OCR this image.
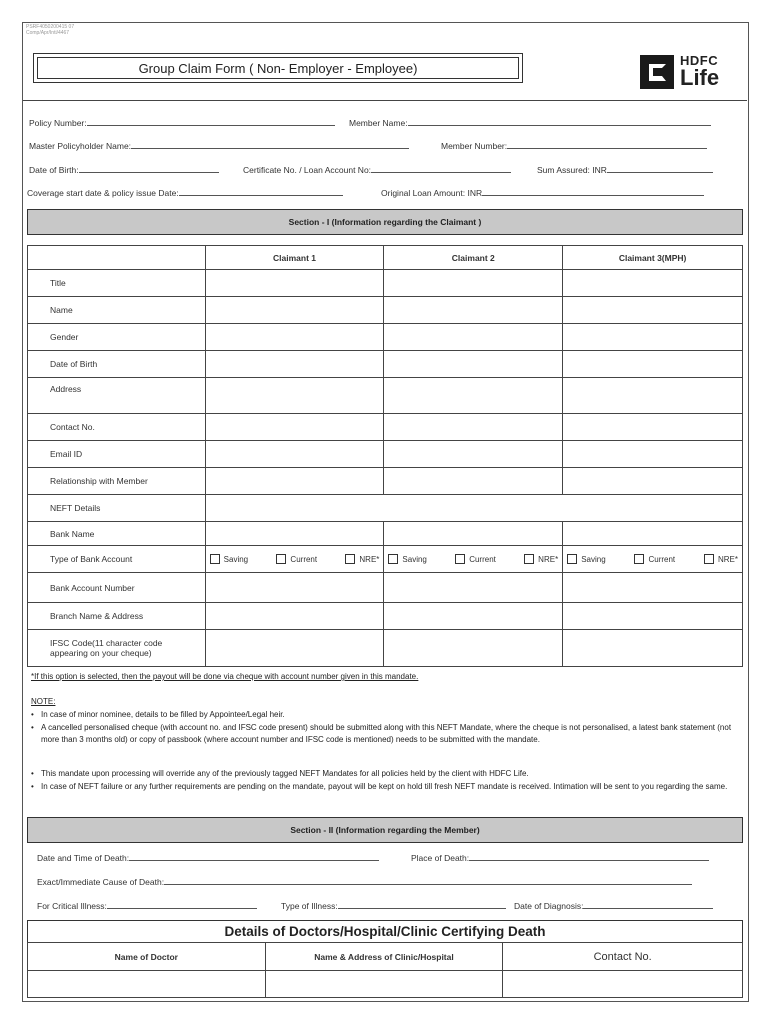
PSRF4050200415 07
Comp/Apr/Inti/4467
Group Claim Form ( Non- Employer - Employee)	HDFC
Life
Policy Number:	Member Name:
Master Policyholder Name:	Member Number:
Date of Birth:	Certificate No. / Loan Account No:	Sum Assured: INR
Coverage start date & policy issue Date:	Original Loan Amount: INR
Section - I (Information regarding the Claimant )
	Claimant 1	Claimant 2	Claimant 3(MPH)
Title			
Name			
Gender			
Date of Birth			
Address			
Contact No.			
Email ID			
Relationship with Member			
NEFT Details			
Bank Name			
Type of Bank Account	Saving Current NRE*	Saving Current NRE*	Saving Current NRE*

Bank Account Number			
Branch Name & Address			
IFSC Code(11 character code appearing on your cheque)			
*If this option is selected, then the payout will be done via cheque with account number given in this mandate.
NOTE:
• In case of minor nominee, details to be filled by Appointee/Legal heir.
• A cancelled personalised cheque (with account no. and IFSC code present) should be submitted along with this NEFT Mandate, where the cheque is not personalised, a latest bank statement (not more than 3 months old) or copy of passbook (where account number and IFSC code is mentioned) needs to be submitted with the mandate.
• This mandate upon processing will override any of the previously tagged NEFT Mandates for all policies held by the client with HDFC Life.
• In case of NEFT failure or any further requirements are pending on the mandate, payout will be kept on hold till fresh NEFT mandate is received. Intimation will be sent to you regarding the same.
Section - II (Information regarding the Member)
Date and Time of Death:	Place of Death:
Exact/Immediate Cause of Death:
For Critical Illness:	Type of Illness:	Date of Diagnosis:
Details of Doctors/Hospital/Clinic Certifying Death
Name of Doctor	Name & Address of Clinic/Hospital	Contact No.
